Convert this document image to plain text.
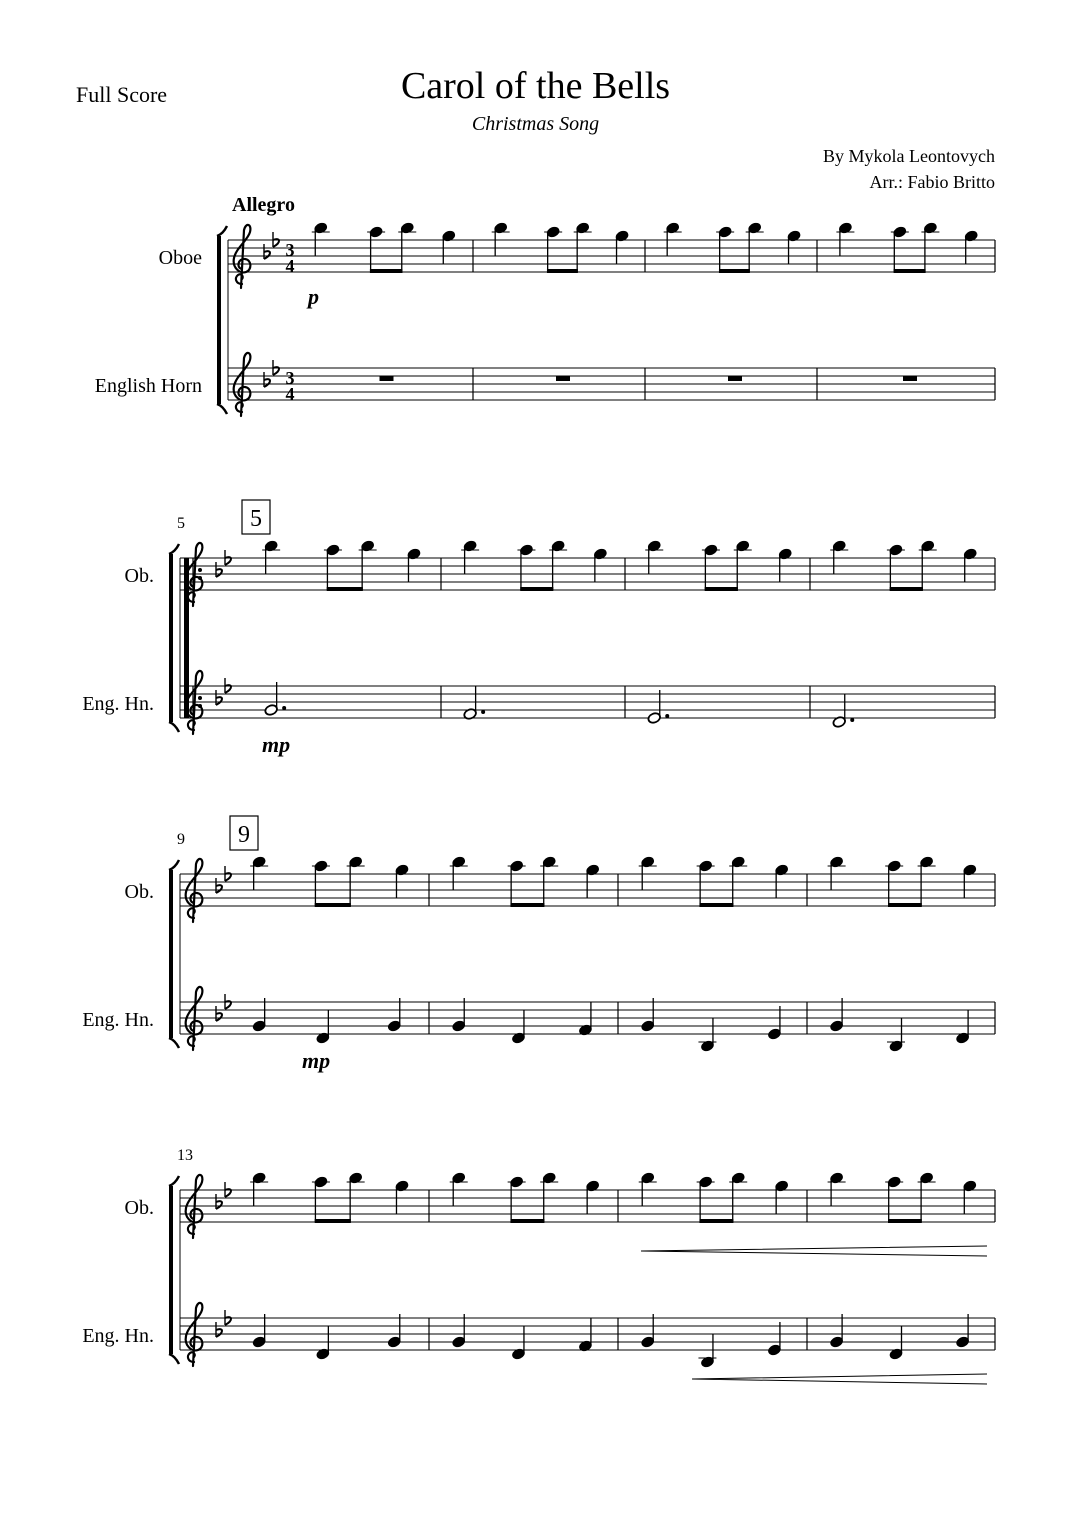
Full Score	Carol of the Bells
Christmas Song
By Mykola Leontovych
Arr.: Fabio Britto
3
4
3
4
Oboe
English Horn
p
Ob.
Eng. Hn.
5	5
mp
Ob.
Eng. Hn.
9 9
mp
Ob.
Eng. Hn.
13
Allegro
